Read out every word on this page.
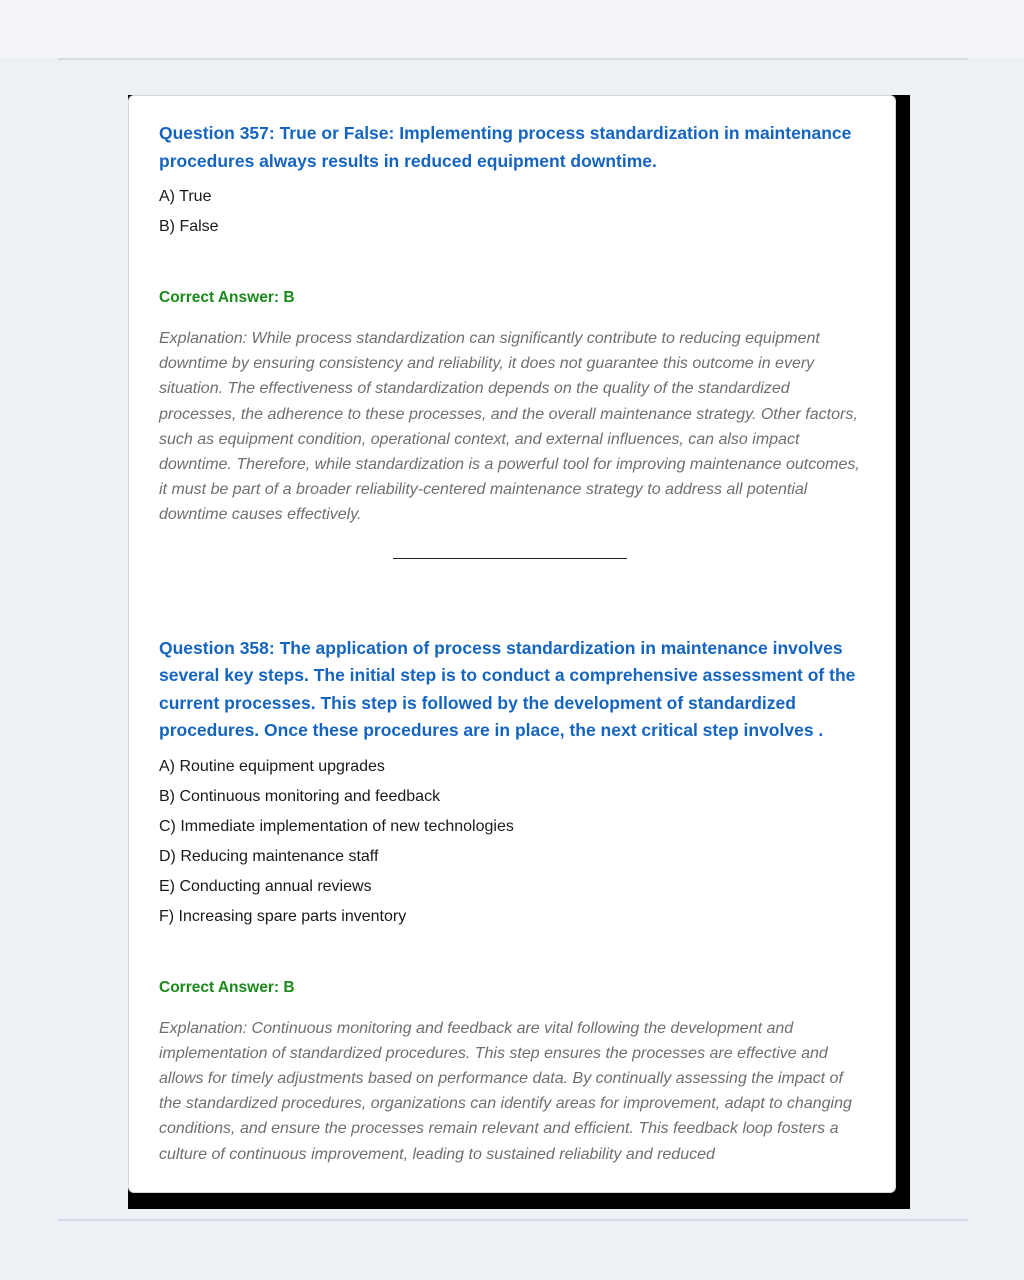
Question 357: True or False: Implementing process standardization in maintenance procedures always results in reduced equipment downtime.

A) True
B) False
Correct Answer: B
Explanation: While process standardization can significantly contribute to reducing equipment downtime by ensuring consistency and reliability, it does not guarantee this outcome in every situation. The effectiveness of standardization depends on the quality of the standardized processes, the adherence to these processes, and the overall maintenance strategy. Other factors, such as equipment condition, operational context, and external influences, can also impact downtime. Therefore, while standardization is a powerful tool for improving maintenance outcomes, it must be part of a broader reliability-centered maintenance strategy to address all potential downtime causes effectively.

Question 358: The application of process standardization in maintenance involves several key steps. The initial step is to conduct a comprehensive assessment of the current processes. This step is followed by the development of standardized procedures. Once these procedures are in place, the next critical step involves .

A) Routine equipment upgrades
B) Continuous monitoring and feedback
C) Immediate implementation of new technologies
D) Reducing maintenance staff
E) Conducting annual reviews
F) Increasing spare parts inventory
Correct Answer: B
Explanation: Continuous monitoring and feedback are vital following the development and implementation of standardized procedures. This step ensures the processes are effective and allows for timely adjustments based on performance data. By continually assessing the impact of the standardized procedures, organizations can identify areas for improvement, adapt to changing conditions, and ensure the processes remain relevant and efficient. This feedback loop fosters a culture of continuous improvement, leading to sustained reliability and reduced
